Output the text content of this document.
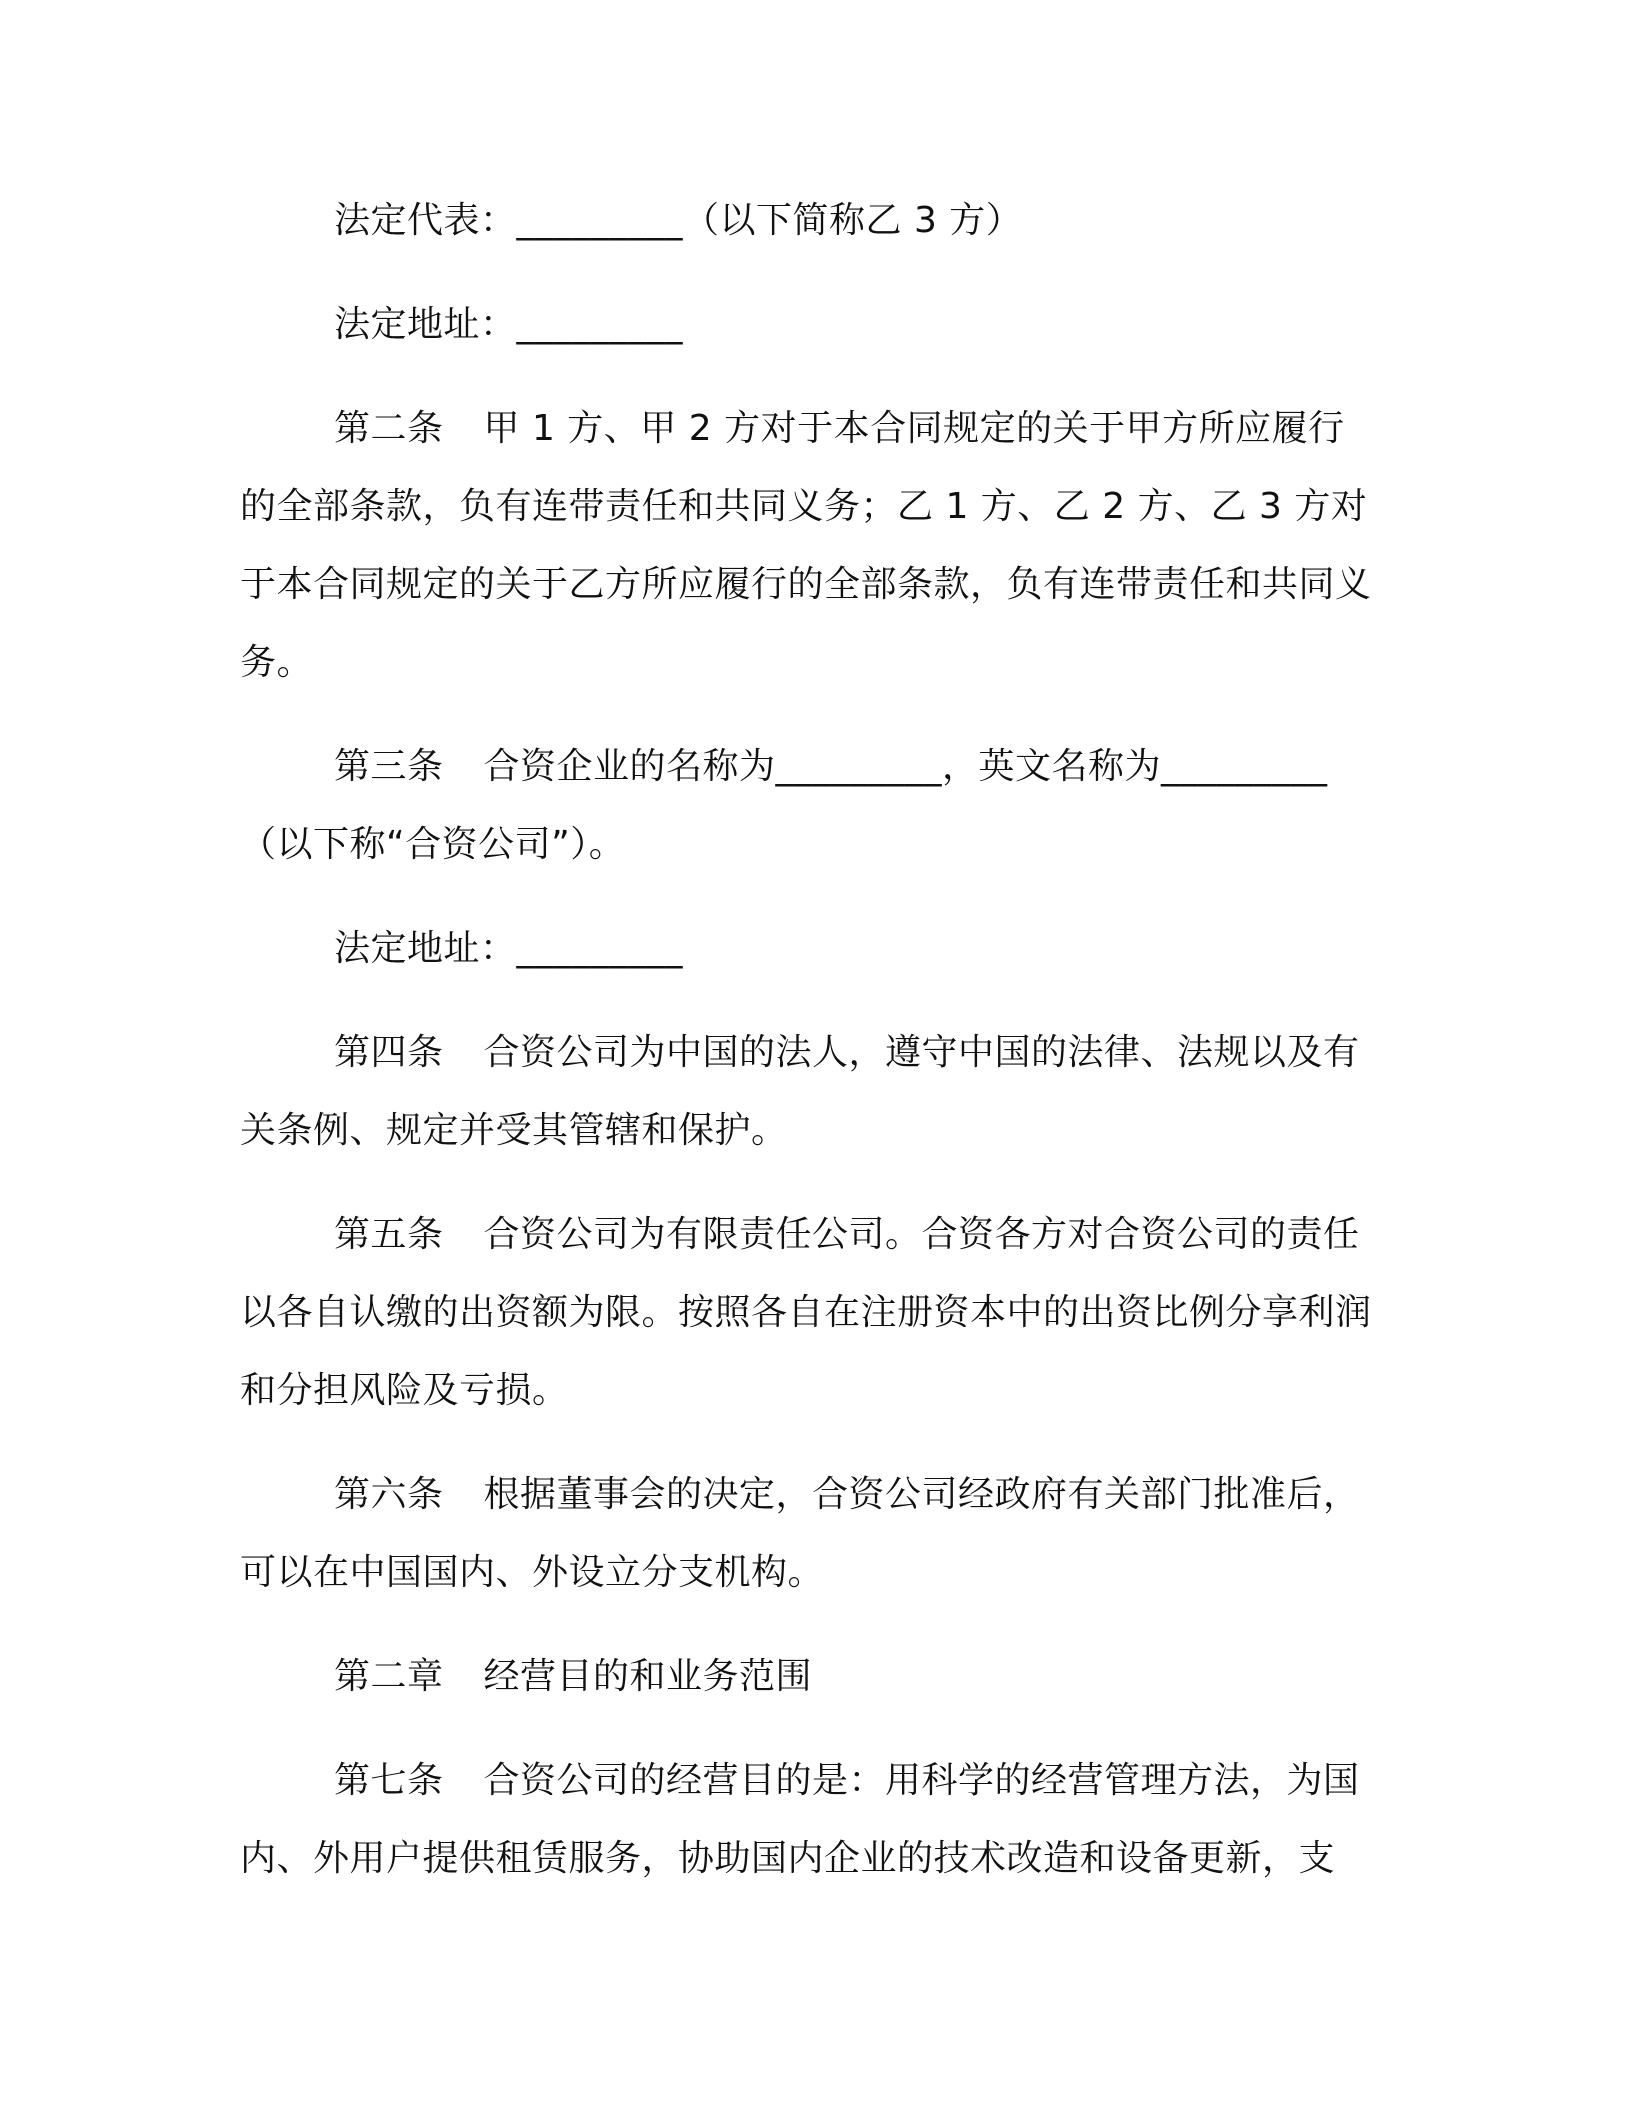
法定代表：_________（以下简称乙 3 方）

法定地址：_________

第二条 甲 1 方、甲 2 方对于本合同规定的关于甲方所应履行的全部条款，负有连带责任和共同义务；乙 1 方、乙 2 方、乙 3 方对于本合同规定的关于乙方所应履行的全部条款，负有连带责任和共同义务。

第三条 合资企业的名称为_________，英文名称为_________（以下称“合资公司”）。

法定地址：_________

第四条 合资公司为中国的法人，遵守中国的法律、法规以及有关条例、规定并受其管辖和保护。

第五条 合资公司为有限责任公司。合资各方对合资公司的责任以各自认缴的出资额为限。按照各自在注册资本中的出资比例分享利润和分担风险及亏损。

第六条 根据董事会的决定，合资公司经政府有关部门批准后，可以在中国国内、外设立分支机构。

第二章 经营目的和业务范围

第七条 合资公司的经营目的是：用科学的经营管理方法，为国内、外用户提供租赁服务，协助国内企业的技术改造和设备更新，支
